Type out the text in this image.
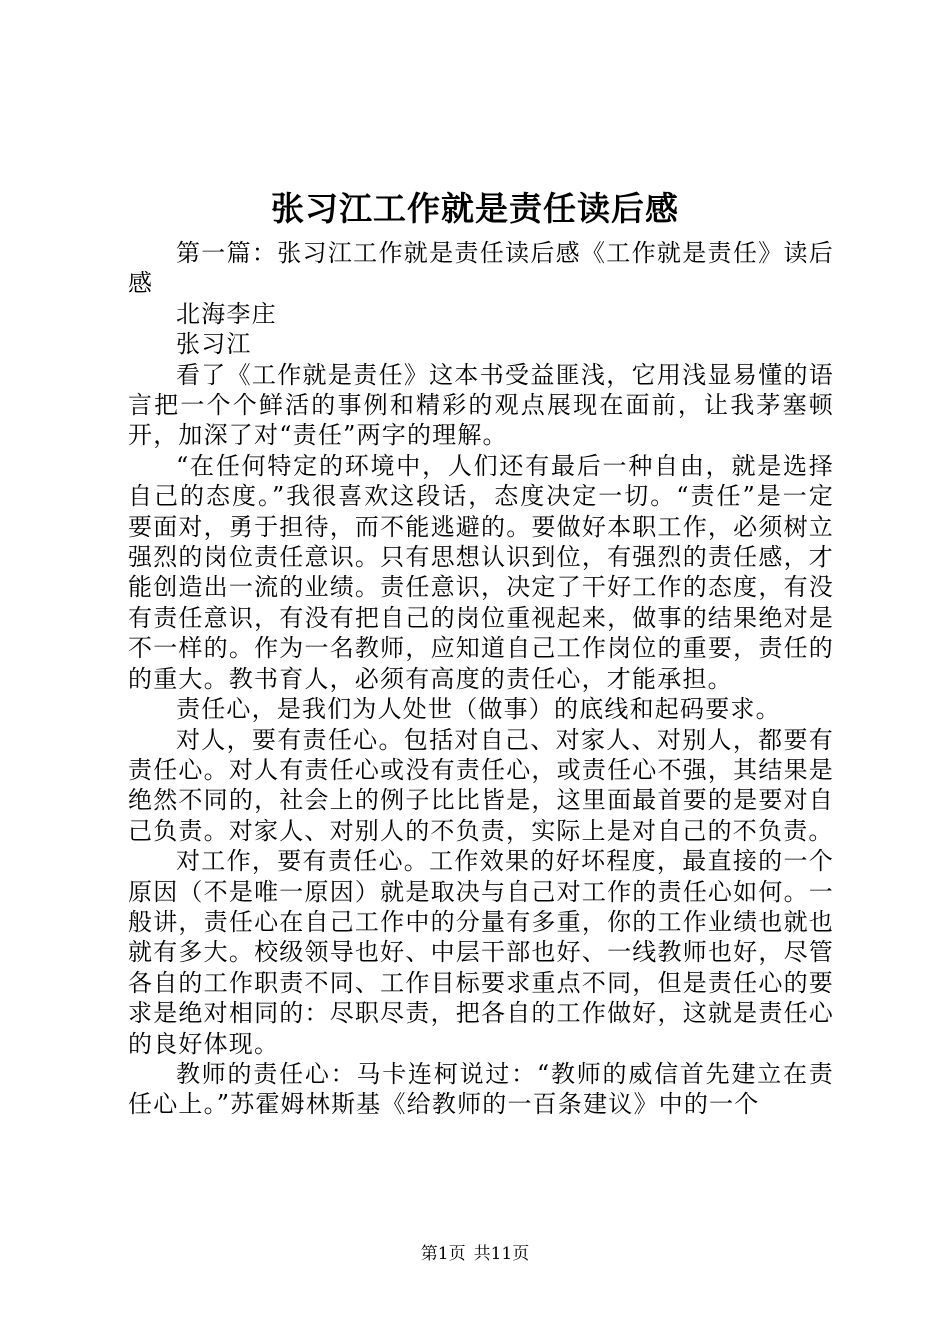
张习江工作就是责任读后感

第一篇：张习江工作就是责任读后感《工作就是责任》读后感

北海李庄

张习江

看了《工作就是责任》这本书受益匪浅，它用浅显易懂的语言把一个个鲜活的事例和精彩的观点展现在面前，让我茅塞顿开，加深了对“责任”两字的理解。

“在任何特定的环境中，人们还有最后一种自由，就是选择自己的态度。”我很喜欢这段话，态度决定一切。“责任”是一定要面对，勇于担待，而不能逃避的。要做好本职工作，必须树立强烈的岗位责任意识。只有思想认识到位，有强烈的责任感，才能创造出一流的业绩。责任意识，决定了干好工作的态度，有没有责任意识，有没有把自己的岗位重视起来，做事的结果绝对是不一样的。作为一名教师，应知道自己工作岗位的重要，责任的的重大。教书育人，必须有高度的责任心，才能承担。

责任心，是我们为人处世（做事）的底线和起码要求。

对人，要有责任心。包括对自己、对家人、对别人，都要有责任心。对人有责任心或没有责任心，或责任心不强，其结果是绝然不同的，社会上的例子比比皆是，这里面最首要的是要对自己负责。对家人、对别人的不负责，实际上是对自己的不负责。

对工作，要有责任心。工作效果的好坏程度，最直接的一个原因（不是唯一原因）就是取决与自己对工作的责任心如何。一般讲，责任心在自己工作中的分量有多重，你的工作业绩也就也就有多大。校级领导也好、中层干部也好、一线教师也好，尽管各自的工作职责不同、工作目标要求重点不同，但是责任心的要求是绝对相同的：尽职尽责，把各自的工作做好，这就是责任心的良好体现。

教师的责任心：马卡连柯说过：“教师的威信首先建立在责任心上。”苏霍姆林斯基《给教师的一百条建议》中的一个

第1页 共11页
